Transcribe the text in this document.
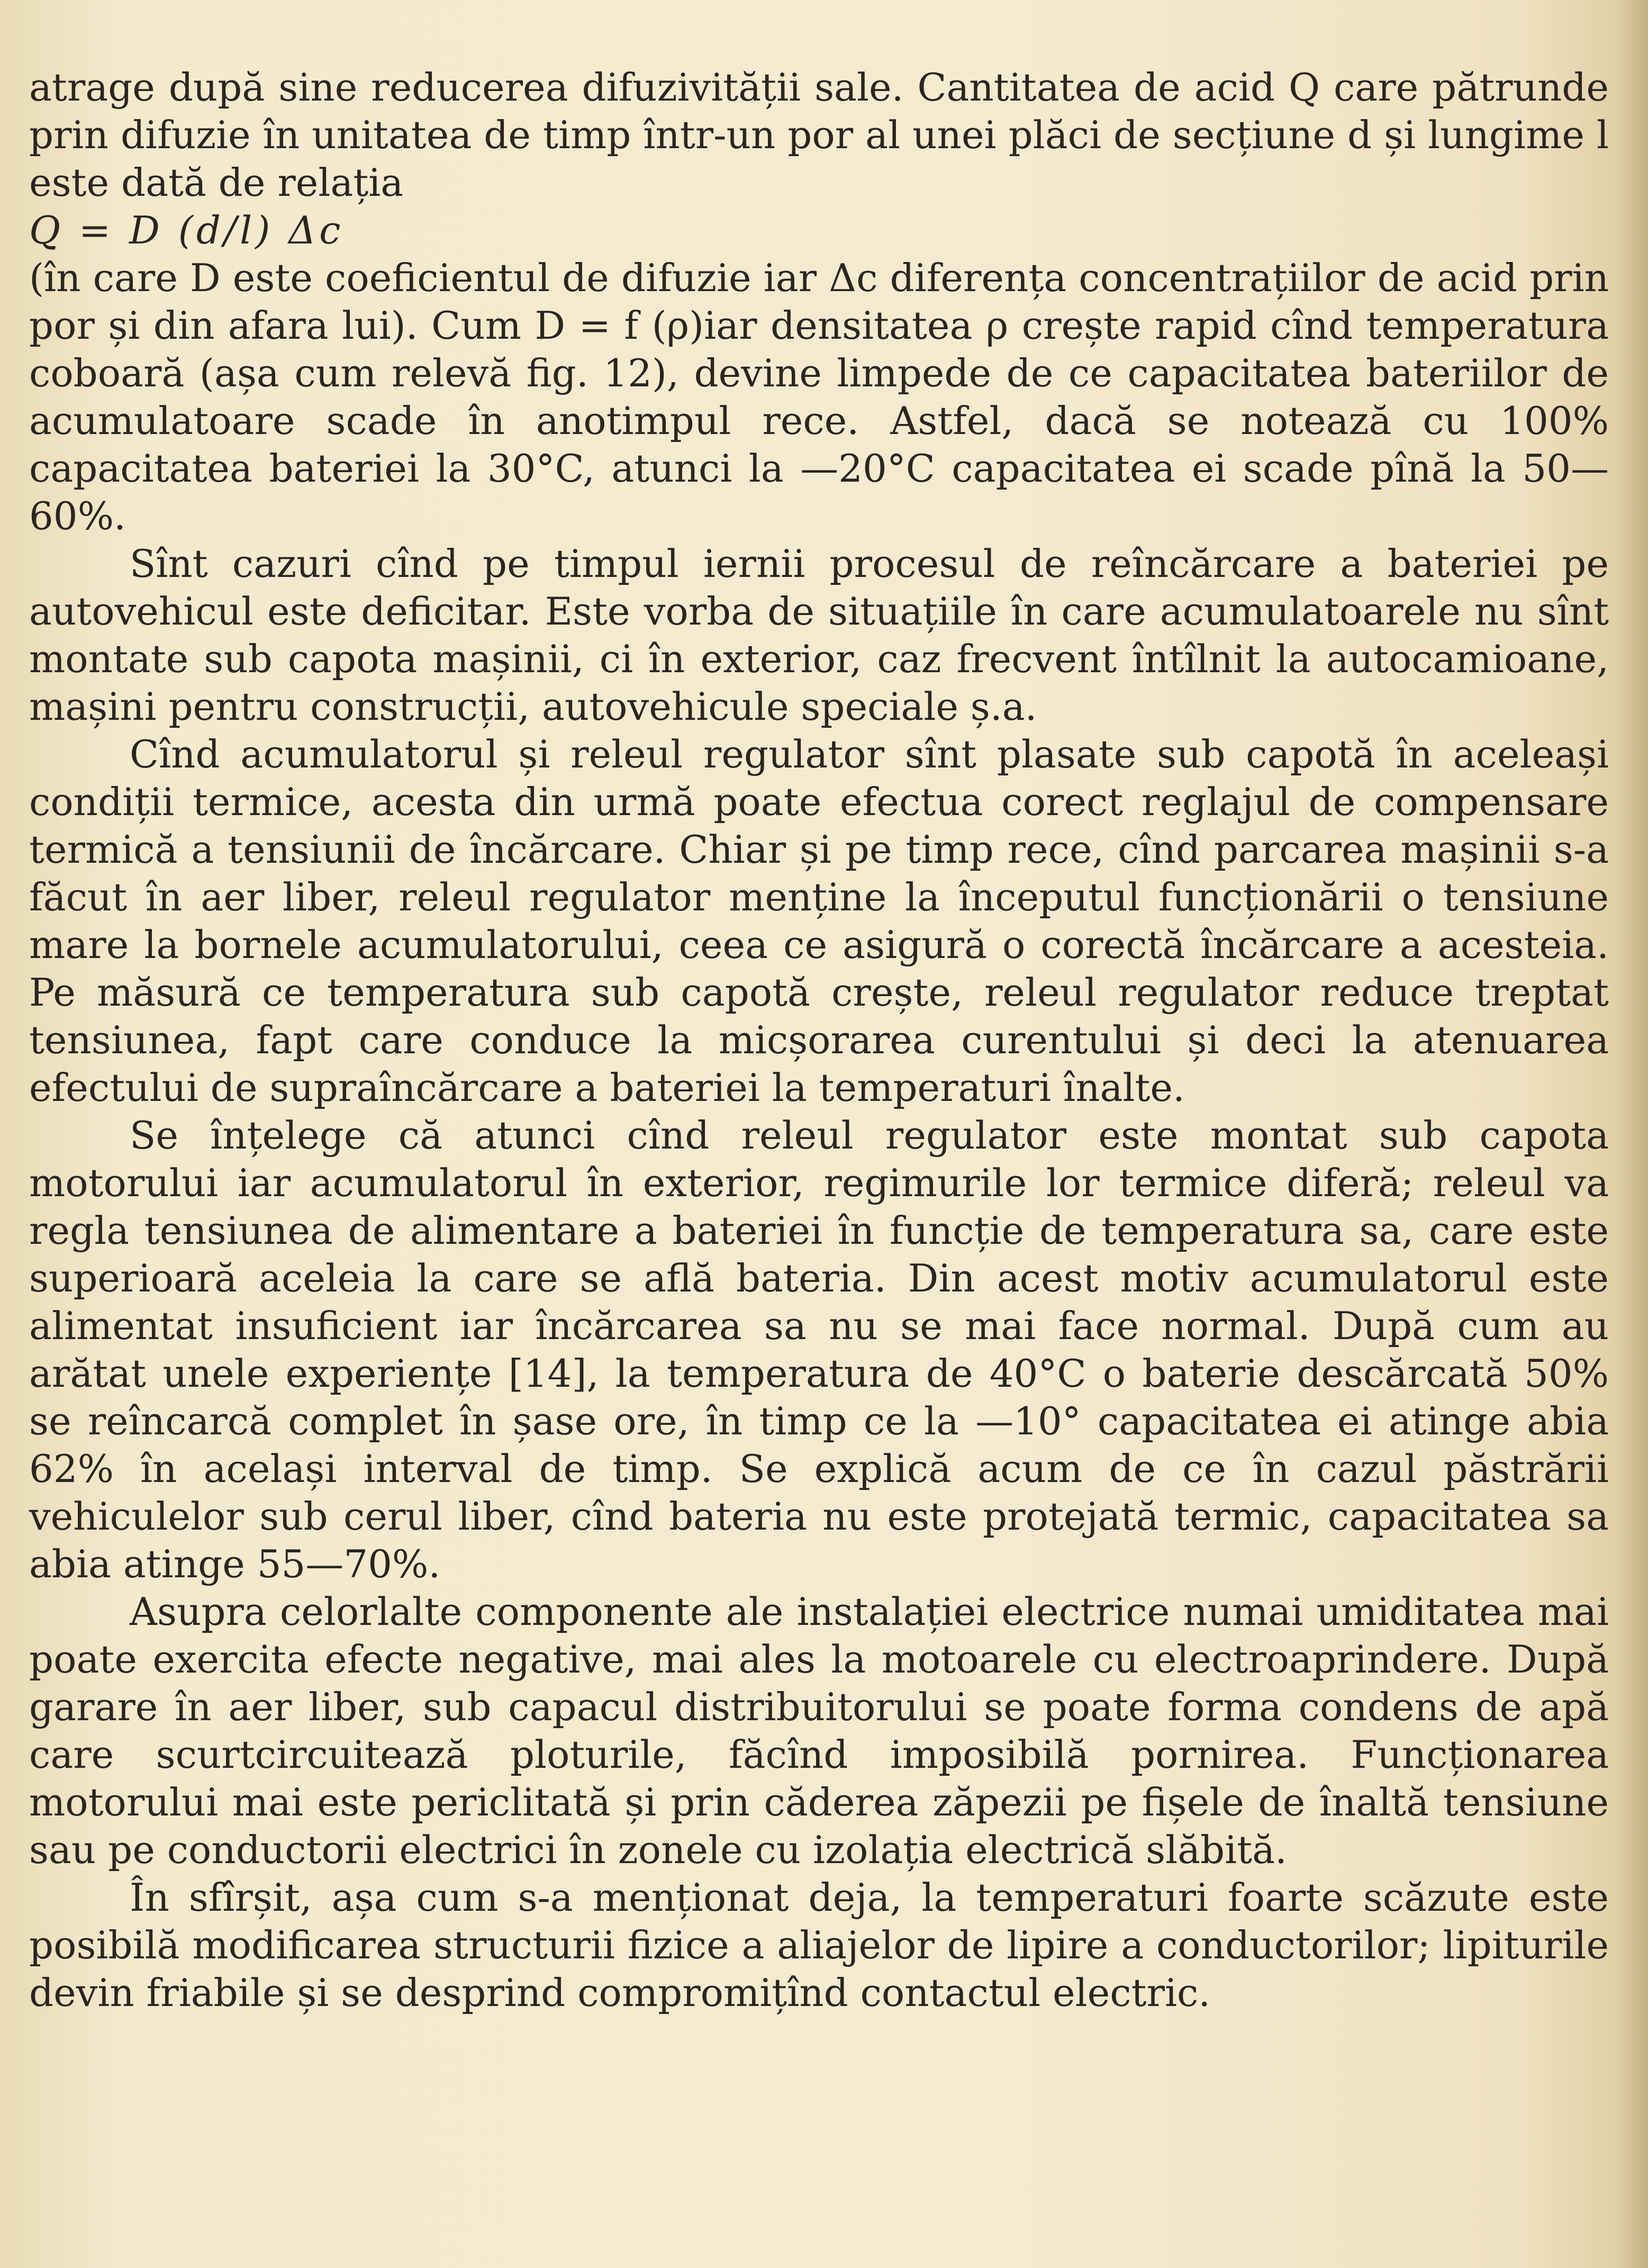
atrage după sine reducerea difuzivității sale. Cantitatea de acid Q care pătrunde prin difuzie în unitatea de timp într-un por al unei plăci de secțiune d și lungime l este dată de relația

Q = D (d/l) Δc

(în care D este coeficientul de difuzie iar Δc diferența concentrațiilor de acid prin por și din afara lui). Cum D = f (ρ)iar densitatea ρ crește rapid cînd temperatura coboară (așa cum relevă fig. 12), devine limpede de ce capacitatea bateriilor de acumulatoare scade în anotimpul rece. Astfel, dacă se notează cu 100% capacitatea bateriei la 30°C, atunci la —20°C capacitatea ei scade pînă la 50—60%.

Sînt cazuri cînd pe timpul iernii procesul de reîncărcare a bateriei pe autovehicul este deficitar. Este vorba de situațiile în care acumulatoarele nu sînt montate sub capota mașinii, ci în exterior, caz frecvent întîlnit la autocamioane, mașini pentru construcții, autovehicule speciale ș.a.

Cînd acumulatorul și releul regulator sînt plasate sub capotă în aceleași condiții termice, acesta din urmă poate efectua corect reglajul de compensare termică a tensiunii de încărcare. Chiar și pe timp rece, cînd parcarea mașinii s-a făcut în aer liber, releul regulator menține la începutul funcționării o tensiune mare la bornele acumulatorului, ceea ce asigură o corectă încărcare a acesteia. Pe măsură ce temperatura sub capotă crește, releul regulator reduce treptat tensiunea, fapt care conduce la micșorarea curentului și deci la atenuarea efectului de supraîncărcare a bateriei la temperaturi înalte.

Se înțelege că atunci cînd releul regulator este montat sub capota motorului iar acumulatorul în exterior, regimurile lor termice diferă; releul va regla tensiunea de alimentare a bateriei în funcție de temperatura sa, care este superioară aceleia la care se află bateria. Din acest motiv acumulatorul este alimentat insuficient iar încărcarea sa nu se mai face normal. După cum au arătat unele experiențe [14], la temperatura de 40°C o baterie descărcată 50% se reîncarcă complet în șase ore, în timp ce la —10° capacitatea ei atinge abia 62% în același interval de timp. Se explică acum de ce în cazul păstrării vehiculelor sub cerul liber, cînd bateria nu este protejată termic, capacitatea sa abia atinge 55—70%.

Asupra celorlalte componente ale instalației electrice numai umiditatea mai poate exercita efecte negative, mai ales la motoarele cu electroaprindere. După garare în aer liber, sub capacul distribuitorului se poate forma condens de apă care scurtcircuitează ploturile, făcînd imposibilă pornirea. Funcționarea motorului mai este periclitată și prin căderea zăpezii pe fișele de înaltă tensiune sau pe conductorii electrici în zonele cu izolația electrică slăbită.

În sfîrșit, așa cum s-a menționat deja, la temperaturi foarte scăzute este posibilă modificarea structurii fizice a aliajelor de lipire a conductorilor; lipiturile devin friabile și se desprind compromițînd contactul electric.
